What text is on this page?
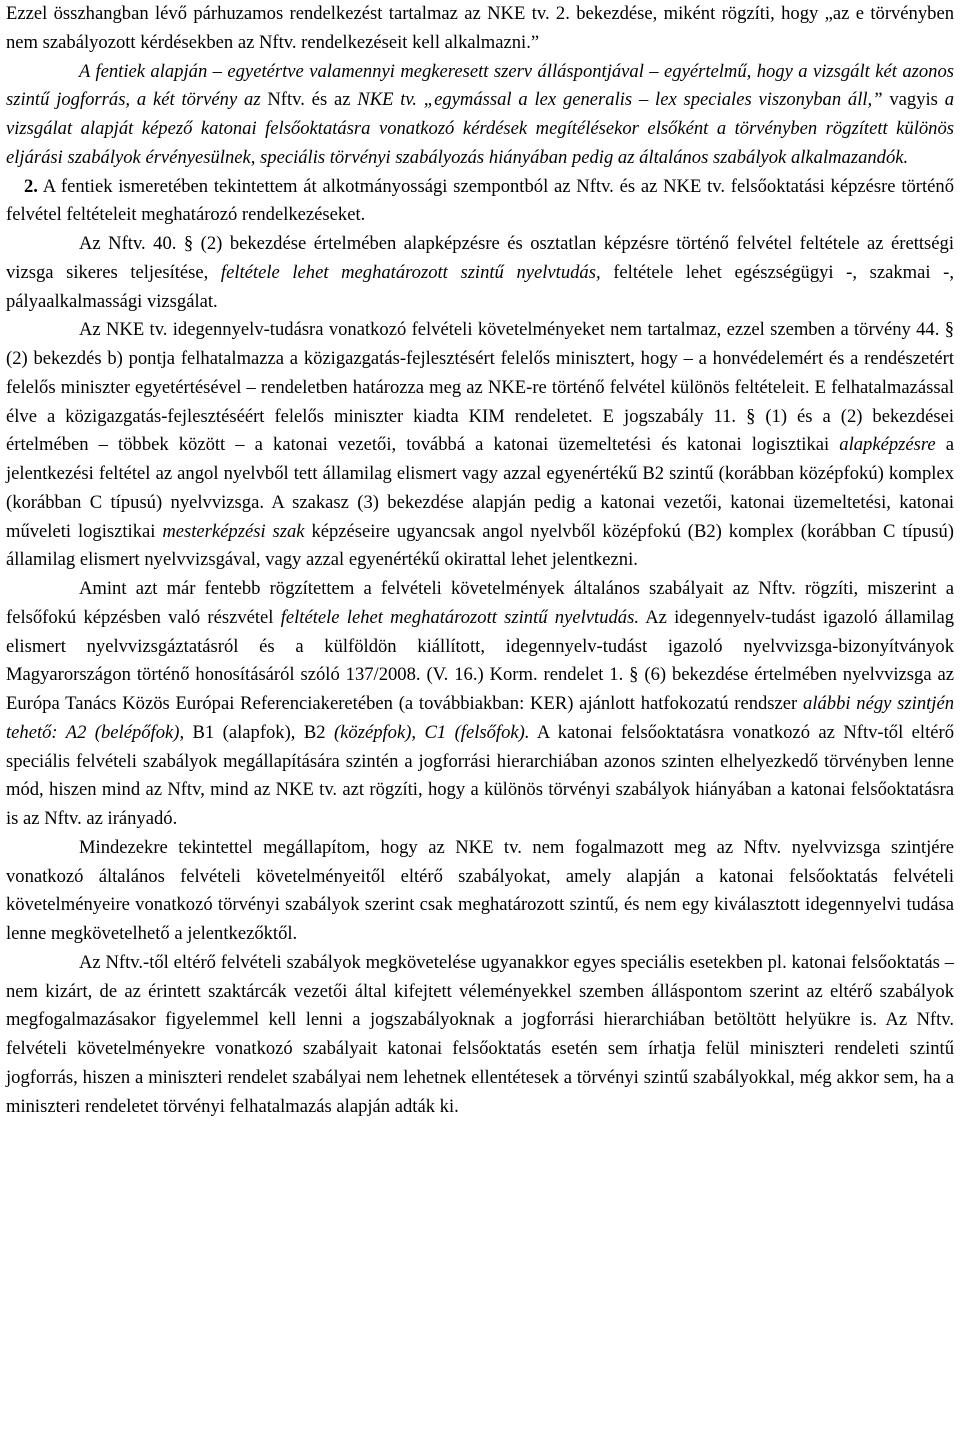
Ezzel összhangban lévő párhuzamos rendelkezést tartalmaz az NKE tv. 2. bekezdése, miként rögzíti, hogy „az e törvényben nem szabályozott kérdésekben az Nftv. rendelkezéseit kell alkalmazni.”

A fentiek alapján – egyetértve valamennyi megkeresett szerv álláspontjával – egyértelmű, hogy a vizsgált két azonos szintű jogforrás, a két törvény az Nftv. és az NKE tv. „egymással a lex generalis – lex speciales viszonyban áll,” vagyis a vizsgálat alapját képező katonai felsőoktatásra vonatkozó kérdések megítélésekor elsőként a törvényben rögzített különös eljárási szabályok érvényesülnek, speciális törvényi szabályozás hiányában pedig az általános szabályok alkalmazandók.

2. A fentiek ismeretében tekintettem át alkotmányossági szempontból az Nftv. és az NKE tv. felsőoktatási képzésre történő felvétel feltételeit meghatározó rendelkezéseket.

Az Nftv. 40. § (2) bekezdése értelmében alapképzésre és osztatlan képzésre történő felvétel feltétele az érettségi vizsga sikeres teljesítése, feltétele lehet meghatározott szintű nyelvtudás, feltétele lehet egészségügyi -, szakmai -, pályaalkalmassági vizsgálat.

Az NKE tv. idegennyelv-tudásra vonatkozó felvételi követelményeket nem tartalmaz, ezzel szemben a törvény 44. § (2) bekezdés b) pontja felhatalmazza a közigazgatás-fejlesztésért felelős minisztert, hogy – a honvédelemért és a rendészetért felelős miniszter egyetértésével – rendeletben határozza meg az NKE-re történő felvétel különös feltételeit. E felhatalmazással élve a közigazgatás-fejlesztéséért felelős miniszter kiadta KIM rendeletet. E jogszabály 11. § (1) és a (2) bekezdései értelmében – többek között – a katonai vezetői, továbbá a katonai üzemeltetési és katonai logisztikai alapképzésre a jelentkezési feltétel az angol nyelvből tett államilag elismert vagy azzal egyenértékű B2 szintű (korábban középfokú) komplex (korábban C típusú) nyelvvizsga. A szakasz (3) bekezdése alapján pedig a katonai vezetői, katonai üzemeltetési, katonai műveleti logisztikai mesterképzési szak képzéseire ugyancsak angol nyelvből középfokú (B2) komplex (korábban C típusú) államilag elismert nyelvvizsgával, vagy azzal egyenértékű okirattal lehet jelentkezni.

Amint azt már fentebb rögzítettem a felvételi követelmények általános szabályait az Nftv. rögzíti, miszerint a felsőfokú képzésben való részvétel feltétele lehet meghatározott szintű nyelvtudás. Az idegennyelv-tudást igazoló államilag elismert nyelvvizsgáztatásról és a külföldön kiállított, idegennyelv-tudást igazoló nyelvvizsga-bizonyítványok Magyarországon történő honosításáról szóló 137/2008. (V. 16.) Korm. rendelet 1. § (6) bekezdése értelmében nyelvvizsga az Európa Tanács Közös Európai Referenciakeretében (a továbbiakban: KER) ajánlott hatfokozatú rendszer alábbi négy szintjén tehető: A2 (belépőfok), B1 (alapfok), B2 (középfok), C1 (felsőfok). A katonai felsőoktatásra vonatkozó az Nftv-től eltérő speciális felvételi szabályok megállapítására szintén a jogforrási hierarchiában azonos szinten elhelyezkedő törvényben lenne mód, hiszen mind az Nftv, mind az NKE tv. azt rögzíti, hogy a különös törvényi szabályok hiányában a katonai felsőoktatásra is az Nftv. az irányadó.

Mindezekre tekintettel megállapítom, hogy az NKE tv. nem fogalmazott meg az Nftv. nyelvvizsga szintjére vonatkozó általános felvételi követelményeitől eltérő szabályokat, amely alapján a katonai felsőoktatás felvételi követelményeire vonatkozó törvényi szabályok szerint csak meghatározott szintű, és nem egy kiválasztott idegennyelvi tudása lenne megkövetelhető a jelentkezőktől.

Az Nftv.-től eltérő felvételi szabályok megkövetelése ugyanakkor egyes speciális esetekben pl. katonai felsőoktatás – nem kizárt, de az érintett szaktárcák vezetői által kifejtett véleményekkel szemben álláspontom szerint az eltérő szabályok megfogalmazásakor figyelemmel kell lenni a jogszabályoknak a jogforrási hierarchiában betöltött helyükre is. Az Nftv. felvételi követelményekre vonatkozó szabályait katonai felsőoktatás esetén sem írhatja felül miniszteri rendeleti szintű jogforrás, hiszen a miniszteri rendelet szabályai nem lehetnek ellentétesek a törvényi szintű szabályokkal, még akkor sem, ha a miniszteri rendeletet törvényi felhatalmazás alapján adták ki.
